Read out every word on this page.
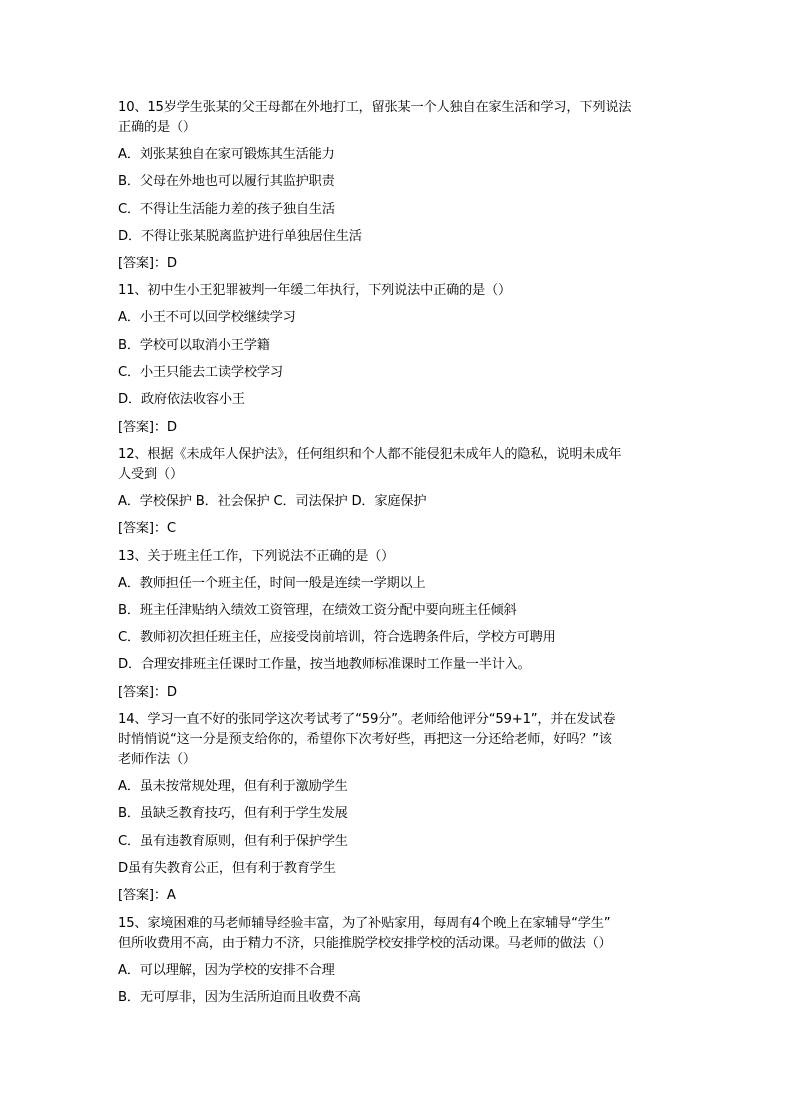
10、15岁学生张某的父王母都在外地打工，留张某一个人独自在家生活和学习，下列说法
正确的是（）
A．刘张某独自在家可锻炼其生活能力
B．父母在外地也可以履行其监护职责
C．不得让生活能力差的孩子独自生活
D．不得让张某脱离监护进行单独居住生活
[答案]：D
11、初中生小王犯罪被判一年缓二年执行，下列说法中正确的是（）
A．小王不可以回学校继续学习
B．学校可以取消小王学籍
C．小王只能去工读学校学习
D．政府依法收容小王
[答案]：D
12、根据《未成年人保护法》，任何组织和个人都不能侵犯未成年人的隐私，说明未成年
人受到（）
A．学校保护 B．社会保护 C．司法保护 D．家庭保护
[答案]：C
13、关于班主任工作，下列说法不正确的是（）
A．教师担任一个班主任，时间一般是连续一学期以上
B．班主任津贴纳入绩效工资管理，在绩效工资分配中要向班主任倾斜
C．教师初次担任班主任，应接受岗前培训，符合选聘条件后，学校方可聘用
D．合理安排班主任课时工作量，按当地教师标准课时工作量一半计入。
[答案]：D
14、学习一直不好的张同学这次考试考了“59分”。老师给他评分“59+1”，并在发试卷
时悄悄说“这一分是预支给你的，希望你下次考好些，再把这一分还给老师，好吗？”该
老师作法（）
A．虽未按常规处理，但有利于激励学生
B．虽缺乏教育技巧，但有利于学生发展
C．虽有违教育原则，但有利于保护学生
D虽有失教育公正，但有利于教育学生
[答案]：A
15、家境困难的马老师辅导经验丰富，为了补贴家用，每周有4个晚上在家辅导“学生”
但所收费用不高，由于精力不济，只能推脱学校安排学校的活动课。马老师的做法（）
A．可以理解，因为学校的安排不合理
B．无可厚非，因为生活所迫而且收费不高
